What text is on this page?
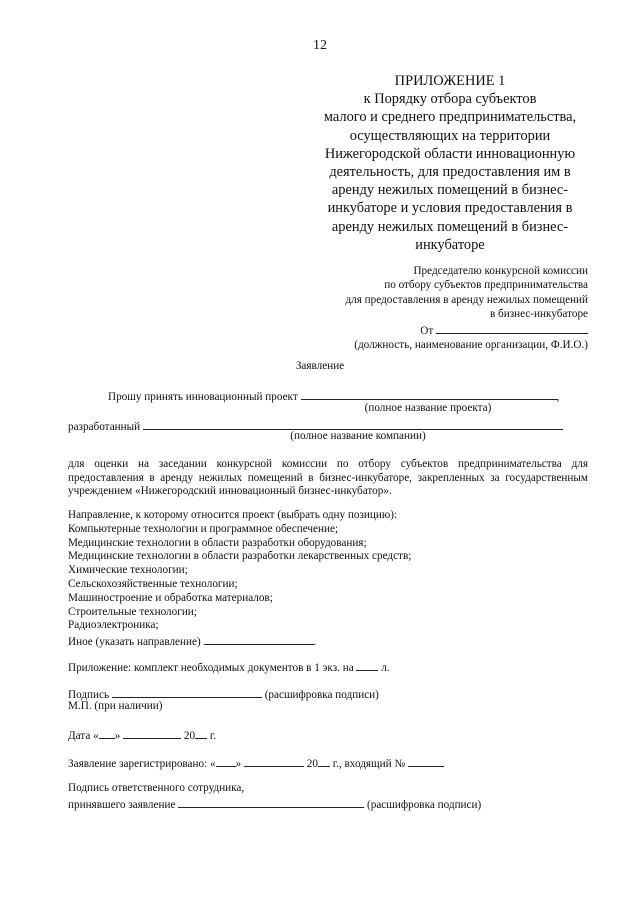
12
ПРИЛОЖЕНИЕ 1
к Порядку отбора субъектов
малого и среднего предпринимательства,
осуществляющих на территории
Нижегородской области инновационную
деятельность, для предоставления им в
аренду нежилых помещений в бизнес-
инкубаторе и условия предоставления в
аренду нежилых помещений в бизнес-
инкубаторе
Председателю конкурсной комиссии
по отбору субъектов предпринимательства
для предоставления в аренду нежилых помещений
в бизнес-инкубаторе
От
(должность, наименование организации, Ф.И.О.)
Заявление
Прошу принять инновационный проект	,
(полное название проекта)
разработанный
(полное название компании)
для оценки на заседании конкурсной комиссии по отбору субъектов предпринимательства для предоставления в аренду нежилых помещений в бизнес-инкубаторе, закрепленных за государственным учреждением «Нижегородский инновационный бизнес-инкубатор».
Направление, к которому относится проект (выбрать одну позицию):
Компьютерные технологии и программное обеспечение;
Медицинские технологии в области разработки оборудования;
Медицинские технологии в области разработки лекарственных средств;
Химические технологии;
Сельскохозяйственные технологии;
Машиностроение и обработка материалов;
Строительные технологии;
Радиоэлектроника;
Иное (указать направление)	.
Приложение: комплект необходимых документов в 1 экз. на л.
Подпись	(расшифровка подписи)
М.П. (при наличии)
Дата « »	20 г.
Заявление зарегистрировано: « »	20 г., входящий №
Подпись ответственного сотрудника,
принявшего заявление	(расшифровка подписи)
